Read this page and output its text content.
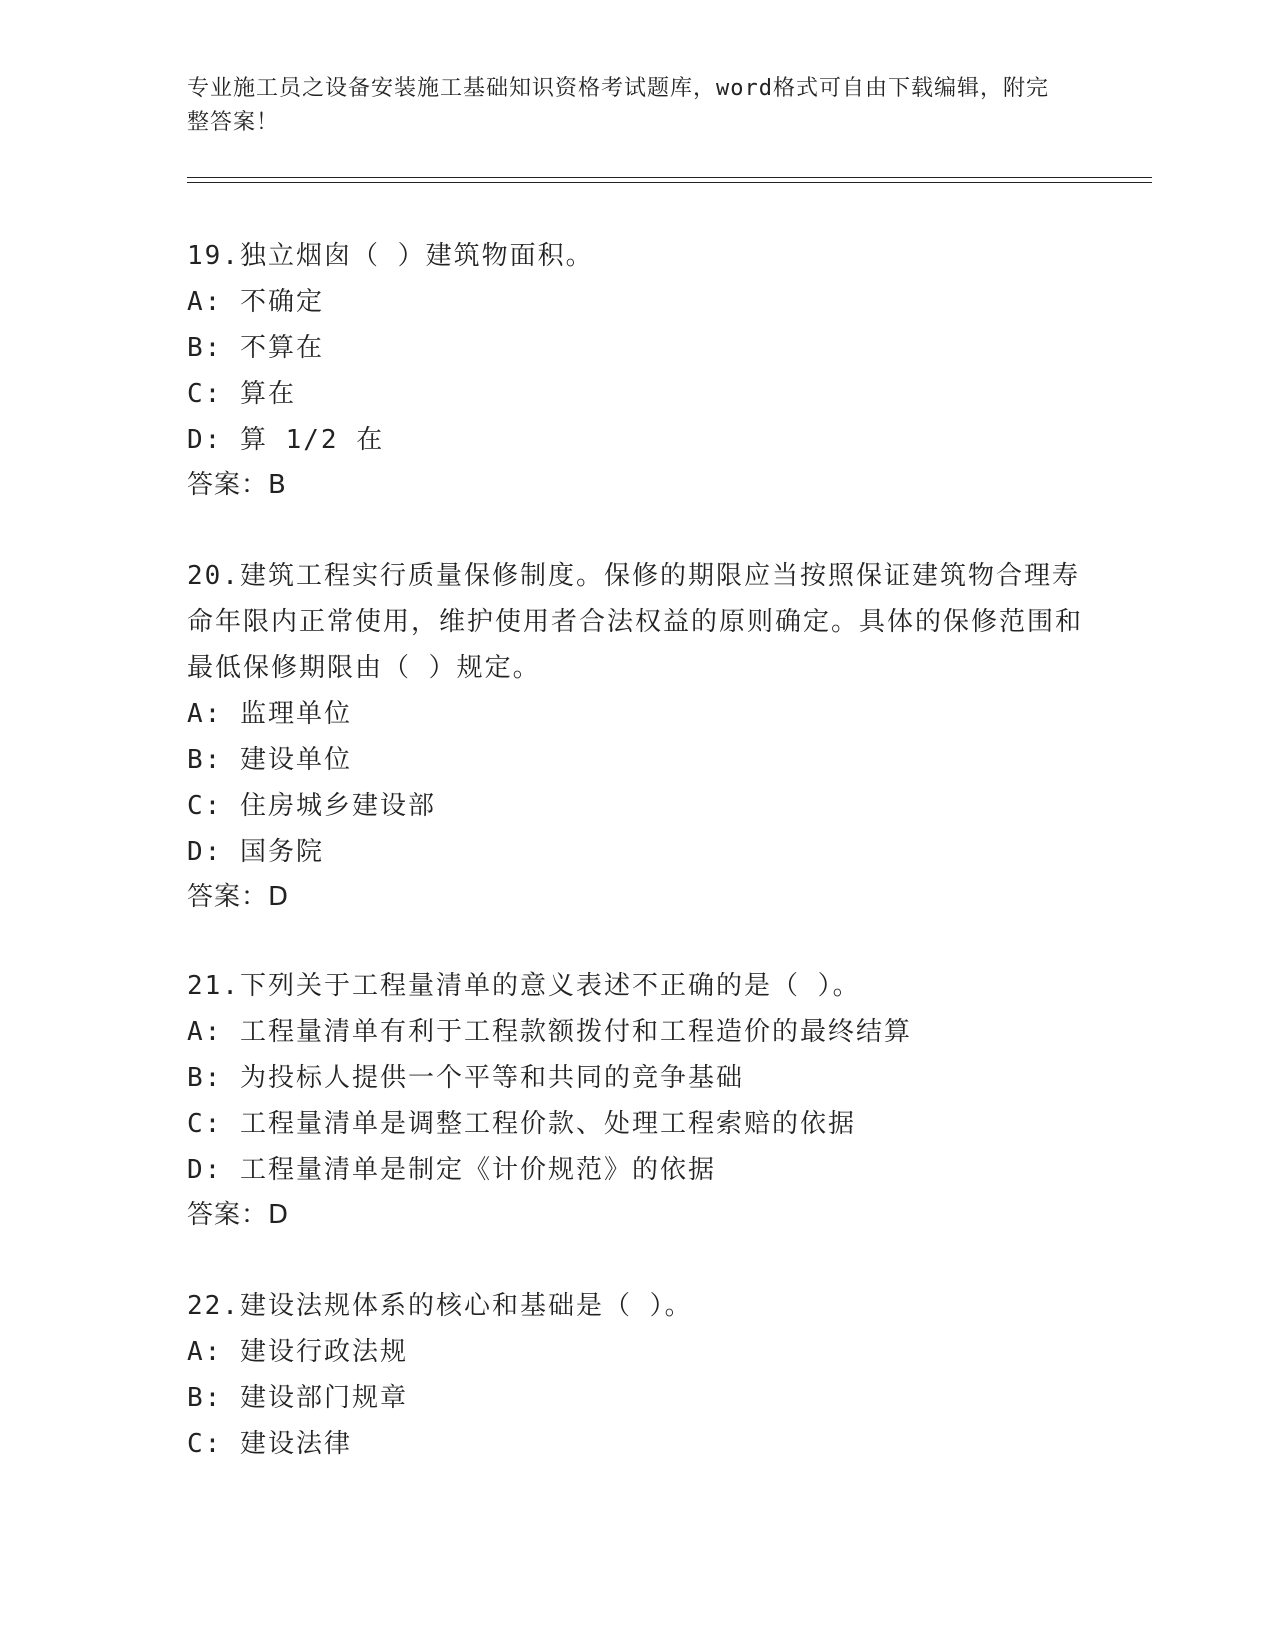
专业施工员之设备安装施工基础知识资格考试题库，word格式可自由下载编辑，附完整答案！
19.独立烟囱（ ）建筑物面积。
A: 不确定
B: 不算在
C: 算在
D: 算 1/2 在
答案：B
20.建筑工程实行质量保修制度。保修的期限应当按照保证建筑物合理寿命年限内正常使用，维护使用者合法权益的原则确定。具体的保修范围和最低保修期限由（ ）规定。
A: 监理单位
B: 建设单位
C: 住房城乡建设部
D: 国务院
答案：D
21.下列关于工程量清单的意义表述不正确的是（ ）。
A: 工程量清单有利于工程款额拨付和工程造价的最终结算
B: 为投标人提供一个平等和共同的竞争基础
C: 工程量清单是调整工程价款、处理工程索赔的依据
D: 工程量清单是制定《计价规范》的依据
答案：D
22.建设法规体系的核心和基础是（ ）。
A: 建设行政法规
B: 建设部门规章
C: 建设法律
